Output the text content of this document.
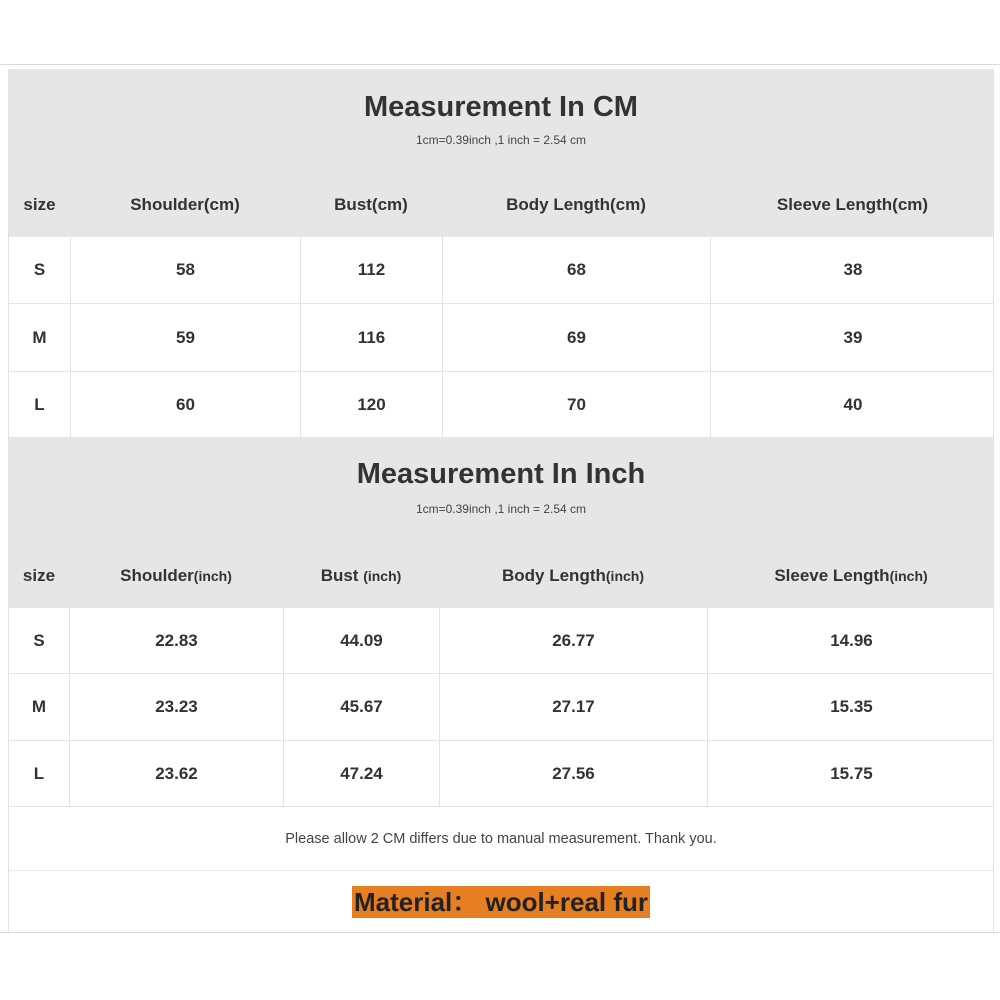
Measurement In CM
1cm=0.39inch ,1 inch = 2.54 cm
size	Shoulder(cm)	Bust(cm)	Body Length(cm)	Sleeve Length(cm)
S	58	112	68	38
M	59	116	69	39
L	60	120	70	40
Measurement In Inch
1cm=0.39inch ,1 inch = 2.54 cm
size	Shoulder (inch)	Bust (inch)	Body Length (inch)	Sleeve Length (inch)
S	22.83	44.09	26.77	14.96
M	23.23	45.67	27.17	15.35
L	23.62	47.24	27.56	15.75
Please allow 2 CM differs due to manual measurement. Thank you.
Material： wool+real fur
